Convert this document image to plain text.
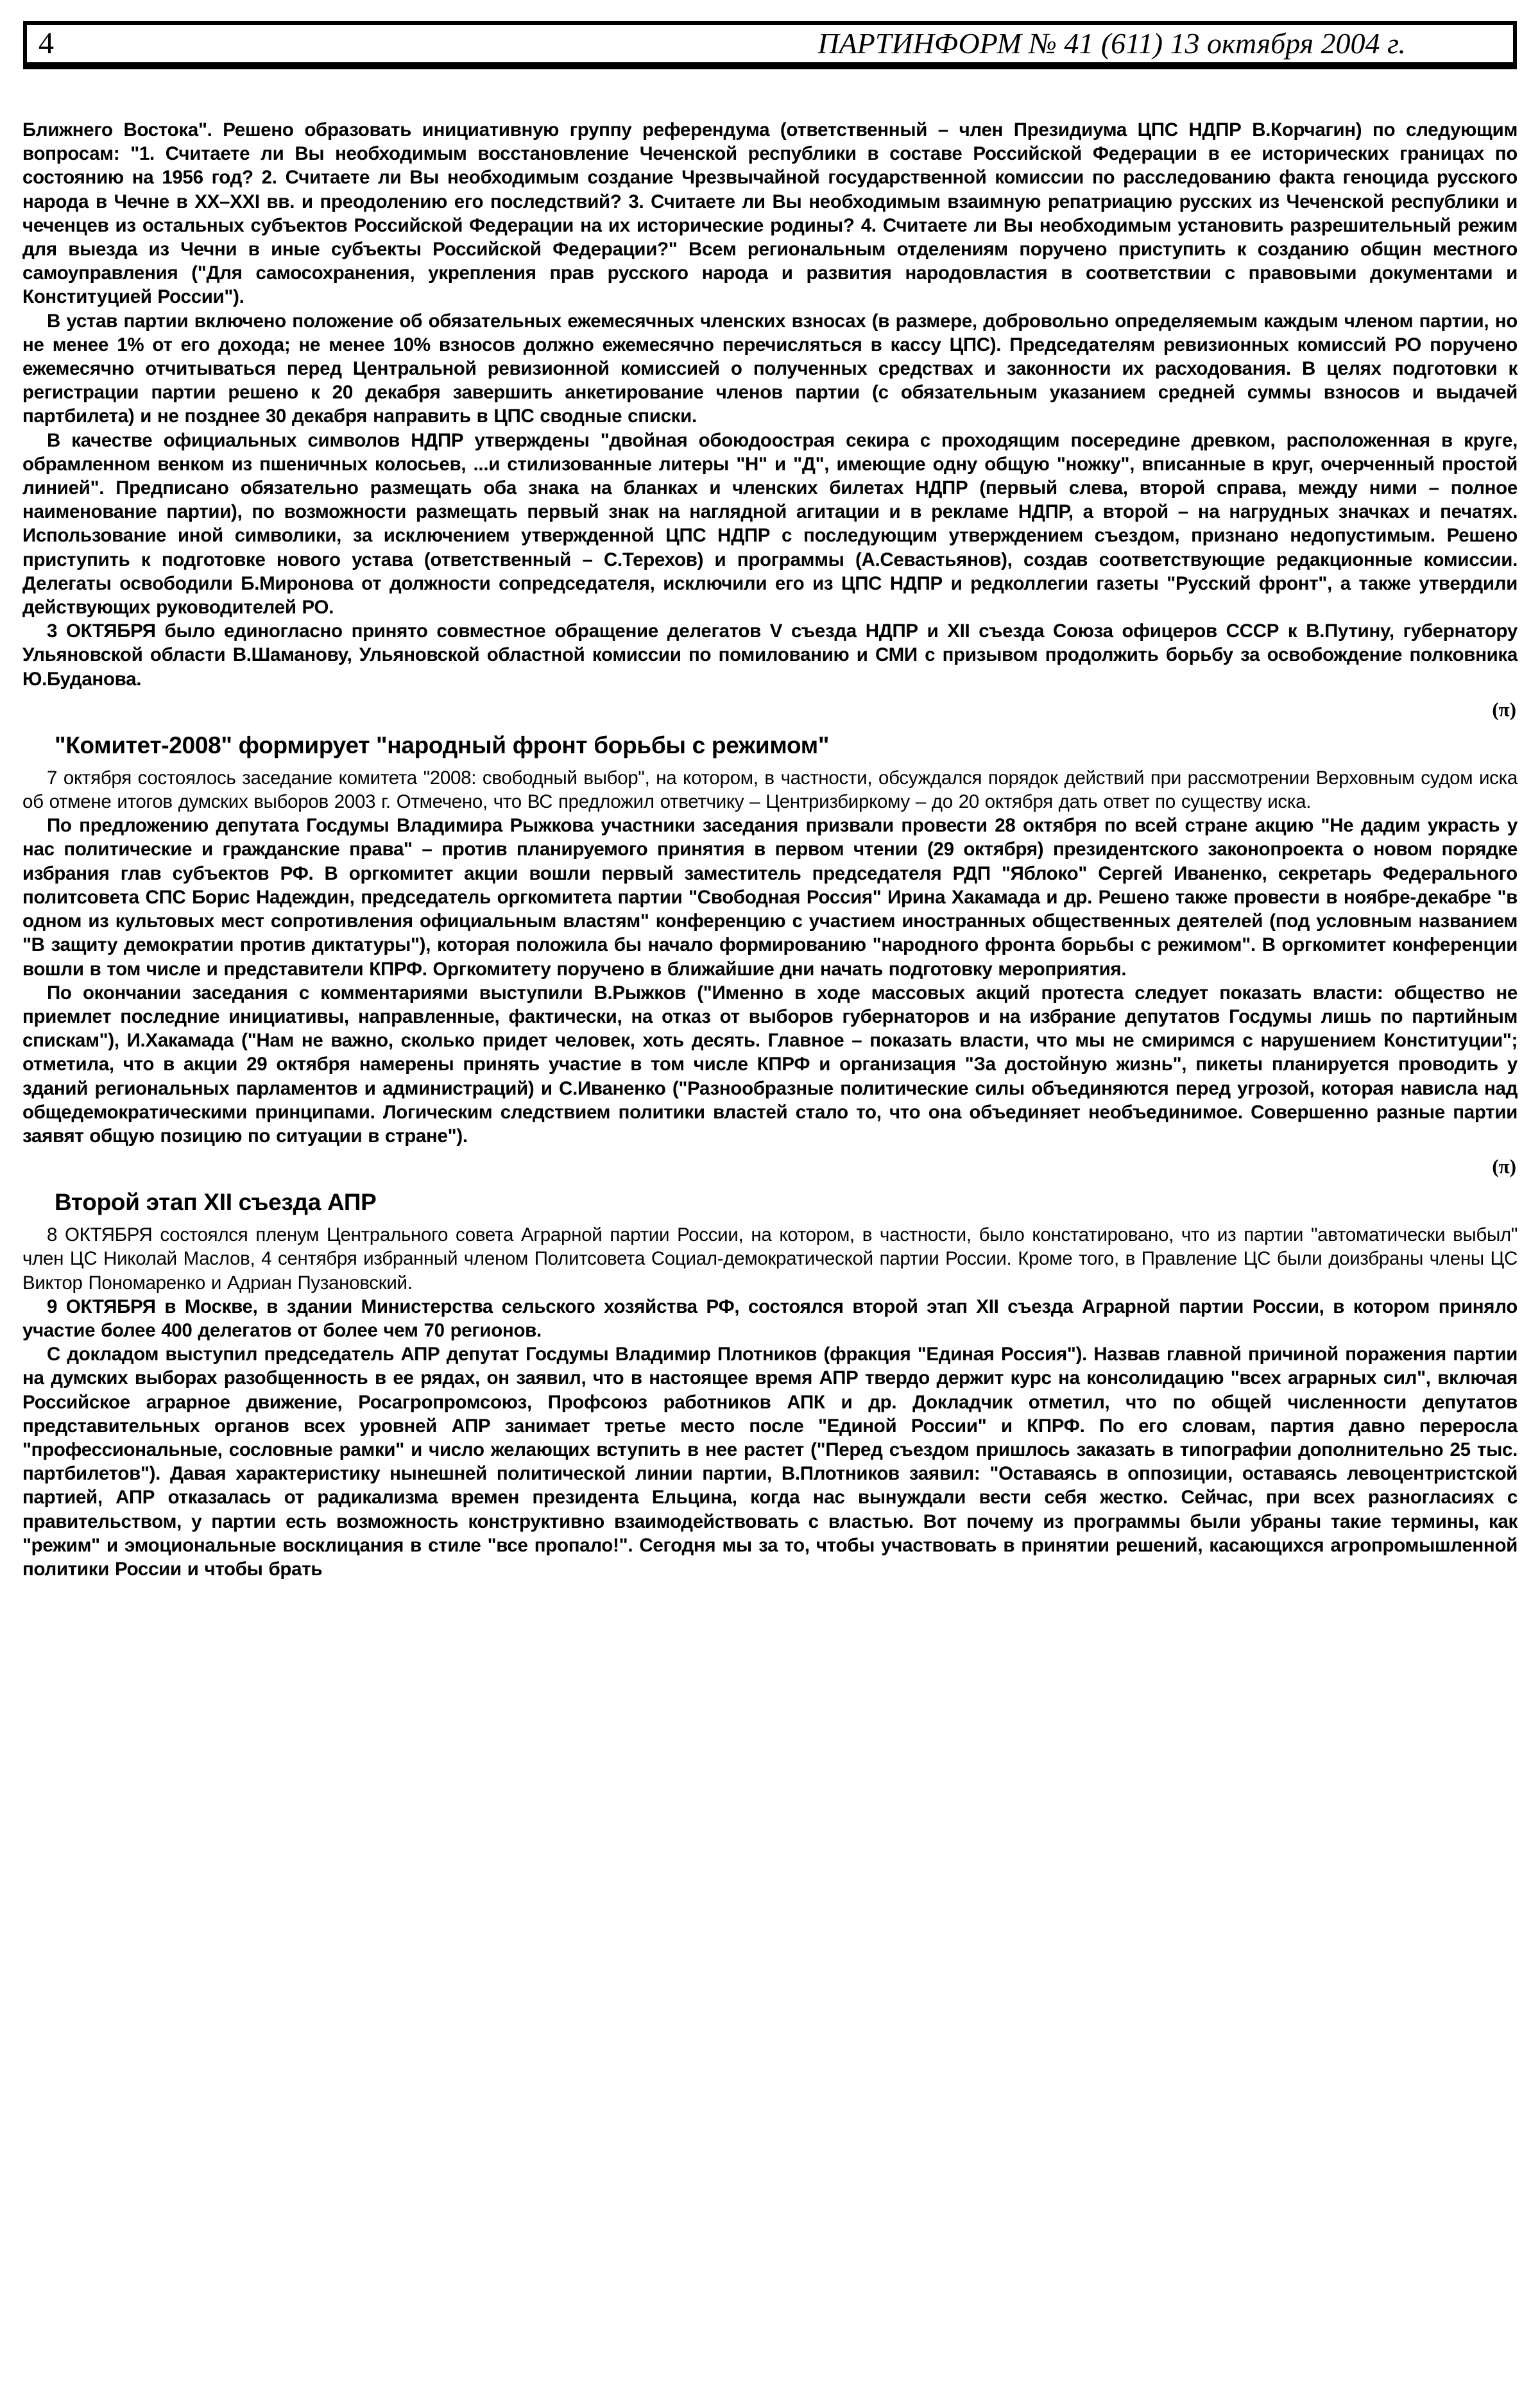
4	ПАРТИНФОРМ № 41 (611) 13 октября 2004 г.

Ближнего Востока". Решено образовать инициативную группу референдума (ответственный – член Президиума ЦПС НДПР В.Корчагин) по следующим вопросам: "1. Считаете ли Вы необходимым восстановление Чеченской республики в составе Российской Федерации в ее исторических границах по состоянию на 1956 год? 2. Считаете ли Вы необходимым создание Чрезвычайной государственной комиссии по расследованию факта геноцида русского народа в Чечне в XX–XXI вв. и преодолению его последствий? 3. Считаете ли Вы необходимым взаимную репатриацию русских из Чеченской республики и чеченцев из остальных субъектов Российской Федерации на их исторические родины? 4. Считаете ли Вы необходимым установить разрешительный режим для выезда из Чечни в иные субъекты Российской Федерации?" Всем региональным отделениям поручено приступить к созданию общин местного самоуправления ("Для самосохранения, укрепления прав русского народа и развития народовластия в соответствии с правовыми документами и Конституцией России").

В устав партии включено положение об обязательных ежемесячных членских взносах (в размере, добровольно определяемым каждым членом партии, но не менее 1% от его дохода; не менее 10% взносов должно ежемесячно перечисляться в кассу ЦПС). Председателям ревизионных комиссий РО поручено ежемесячно отчитываться перед Центральной ревизионной комиссией о полученных средствах и законности их расходования. В целях подготовки к регистрации партии решено к 20 декабря завершить анкетирование членов партии (с обязательным указанием средней суммы взносов и выдачей партбилета) и не позднее 30 декабря направить в ЦПС сводные списки.

В качестве официальных символов НДПР утверждены "двойная обоюдоострая секира с проходящим посередине древком, расположенная в круге, обрамленном венком из пшеничных колосьев, ...и стилизованные литеры "Н" и "Д", имеющие одну общую "ножку", вписанные в круг, очерченный простой линией". Предписано обязательно размещать оба знака на бланках и членских билетах НДПР (первый слева, второй справа, между ними – полное наименование партии), по возможности размещать первый знак на наглядной агитации и в рекламе НДПР, а второй – на нагрудных значках и печатях. Использование иной символики, за исключением утвержденной ЦПС НДПР с последующим утверждением съездом, признано недопустимым. Решено приступить к подготовке нового устава (ответственный – С.Терехов) и программы (А.Севастьянов), создав соответствующие редакционные комиссии. Делегаты освободили Б.Миронова от должности сопредседателя, исключили его из ЦПС НДПР и редколлегии газеты "Русский фронт", а также утвердили действующих руководителей РО.

3 ОКТЯБРЯ было единогласно принято совместное обращение делегатов V съезда НДПР и XII съезда Союза офицеров СССР к В.Путину, губернатору Ульяновской области В.Шаманову, Ульяновской областной комиссии по помилованию и СМИ с призывом продолжить борьбу за освобождение полковника Ю.Буданова.

(π)
"Комитет-2008" формирует "народный фронт борьбы с режимом"

7 октября состоялось заседание комитета "2008: свободный выбор", на котором, в частности, обсуждался порядок действий при рассмотрении Верховным судом иска об отмене итогов думских выборов 2003 г. Отмечено, что ВС предложил ответчику – Центризбиркому – до 20 октября дать ответ по существу иска.

По предложению депутата Госдумы Владимира Рыжкова участники заседания призвали провести 28 октября по всей стране акцию "Не дадим украсть у нас политические и гражданские права" – против планируемого принятия в первом чтении (29 октября) президентского законопроекта о новом порядке избрания глав субъектов РФ. В оргкомитет акции вошли первый заместитель председателя РДП "Яблоко" Сергей Иваненко, секретарь Федерального политсовета СПС Борис Надеждин, председатель оргкомитета партии "Свободная Россия" Ирина Хакамада и др. Решено также провести в ноябре-декабре "в одном из культовых мест сопротивления официальным властям" конференцию с участием иностранных общественных деятелей (под условным названием "В защиту демократии против диктатуры"), которая положила бы начало формированию "народного фронта борьбы с режимом". В оргкомитет конференции вошли в том числе и представители КПРФ. Оргкомитету поручено в ближайшие дни начать подготовку мероприятия.

По окончании заседания с комментариями выступили В.Рыжков ("Именно в ходе массовых акций протеста следует показать власти: общество не приемлет последние инициативы, направленные, фактически, на отказ от выборов губернаторов и на избрание депутатов Госдумы лишь по партийным спискам"), И.Хакамада ("Нам не важно, сколько придет человек, хоть десять. Главное – показать власти, что мы не смиримся с нарушением Конституции"; отметила, что в акции 29 октября намерены принять участие в том числе КПРФ и организация "За достойную жизнь", пикеты планируется проводить у зданий региональных парламентов и администраций) и С.Иваненко ("Разнообразные политические силы объединяются перед угрозой, которая нависла над общедемократическими принципами. Логическим следствием политики властей стало то, что она объединяет необъединимое. Совершенно разные партии заявят общую позицию по ситуации в стране").

(π)
Второй этап XII съезда АПР

8 ОКТЯБРЯ состоялся пленум Центрального совета Аграрной партии России, на котором, в частности, было констатировано, что из партии "автоматически выбыл" член ЦС Николай Маслов, 4 сентября избранный членом Политсовета Социал-демократической партии России. Кроме того, в Правление ЦС были доизбраны члены ЦС Виктор Пономаренко и Адриан Пузановский.

9 ОКТЯБРЯ в Москве, в здании Министерства сельского хозяйства РФ, состоялся второй этап XII съезда Аграрной партии России, в котором приняло участие более 400 делегатов от более чем 70 регионов.

С докладом выступил председатель АПР депутат Госдумы Владимир Плотников (фракция "Единая Россия"). Назвав главной причиной поражения партии на думских выборах разобщенность в ее рядах, он заявил, что в настоящее время АПР твердо держит курс на консолидацию "всех аграрных сил", включая Российское аграрное движение, Росагропромсоюз, Профсоюз работников АПК и др. Докладчик отметил, что по общей численности депутатов представительных органов всех уровней АПР занимает третье место после "Единой России" и КПРФ. По его словам, партия давно переросла "профессиональные, сословные рамки" и число желающих вступить в нее растет ("Перед съездом пришлось заказать в типографии дополнительно 25 тыс. партбилетов"). Давая характеристику нынешней политической линии партии, В.Плотников заявил: "Оставаясь в оппозиции, оставаясь левоцентристской партией, АПР отказалась от радикализма времен президента Ельцина, когда нас вынуждали вести себя жестко. Сейчас, при всех разногласиях с правительством, у партии есть возможность конструктивно взаимодействовать с властью. Вот почему из программы были убраны такие термины, как "режим" и эмоциональные восклицания в стиле "все пропало!". Сегодня мы за то, чтобы участвовать в принятии решений, касающихся агропромышленной политики России и чтобы брать
